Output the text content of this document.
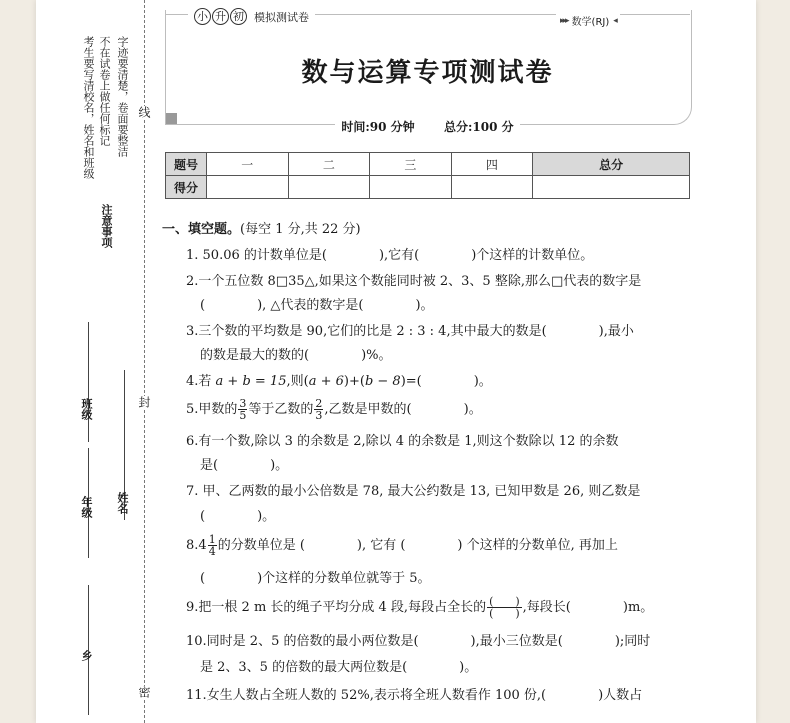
考生要写清校名，姓名和班级 不在试卷上做任何标记 字迹要清楚，卷面要整洁
注意事项
线
班级	封
年级 姓名
乡
密
小 升 初 模拟测试卷	▸▸▸ 数学(RJ) ◂
数与运算专项测试卷
时间:90 分钟 总分:100 分
题号	一	二	三	四	总分
得分					
一、填空题。(每空 1 分,共 22 分)
1. 50.06 的计数单位是(　　　　),它有(　　　　)个这样的计数单位。
2.一个五位数 8□35△,如果这个数能同时被 2、3、5 整除,那么□代表的数字是
(　　　　), △代表的数字是(　　　　)。
3.三个数的平均数是 90,它们的比是 2 : 3 : 4,其中最大的数是(　　　　),最小
的数是最大的数的(　　　　)%。
4.若 a + b = 15,则(a + 6)+(b − 8)=(　　　　)。
5.甲数的 $\frac{3}{5}$ 等于乙数的 $\frac{2}{3}$ ,乙数是甲数的(　　　　)。
6.有一个数,除以 3 的余数是 2,除以 4 的余数是 1,则这个数除以 12 的余数
是(　　　　)。
7. 甲、乙两数的最小公倍数是 78, 最大公约数是 13, 已知甲数是 26, 则乙数是
(　　　　)。
$8.4 \frac{1}{4}$ 的分数单位是 (　　　　), 它有 (　　　　) 个这样的分数单位, 再加上
(　　　　)个这样的分数单位就等于 5。
9.把一根 2 m 长的绳子平均分成 4 段,每段占全长的 $\frac{( )}{( )}$ ,每段长(　　　　)m。
10.同时是 2、5 的倍数的最小两位数是(　　　　),最小三位数是(　　　　);同时
是 2、3、5 的倍数的最大两位数是(　　　　)。
11.女生人数占全班人数的 52%,表示将全班人数看作 100 份,(　　　　)人数占
